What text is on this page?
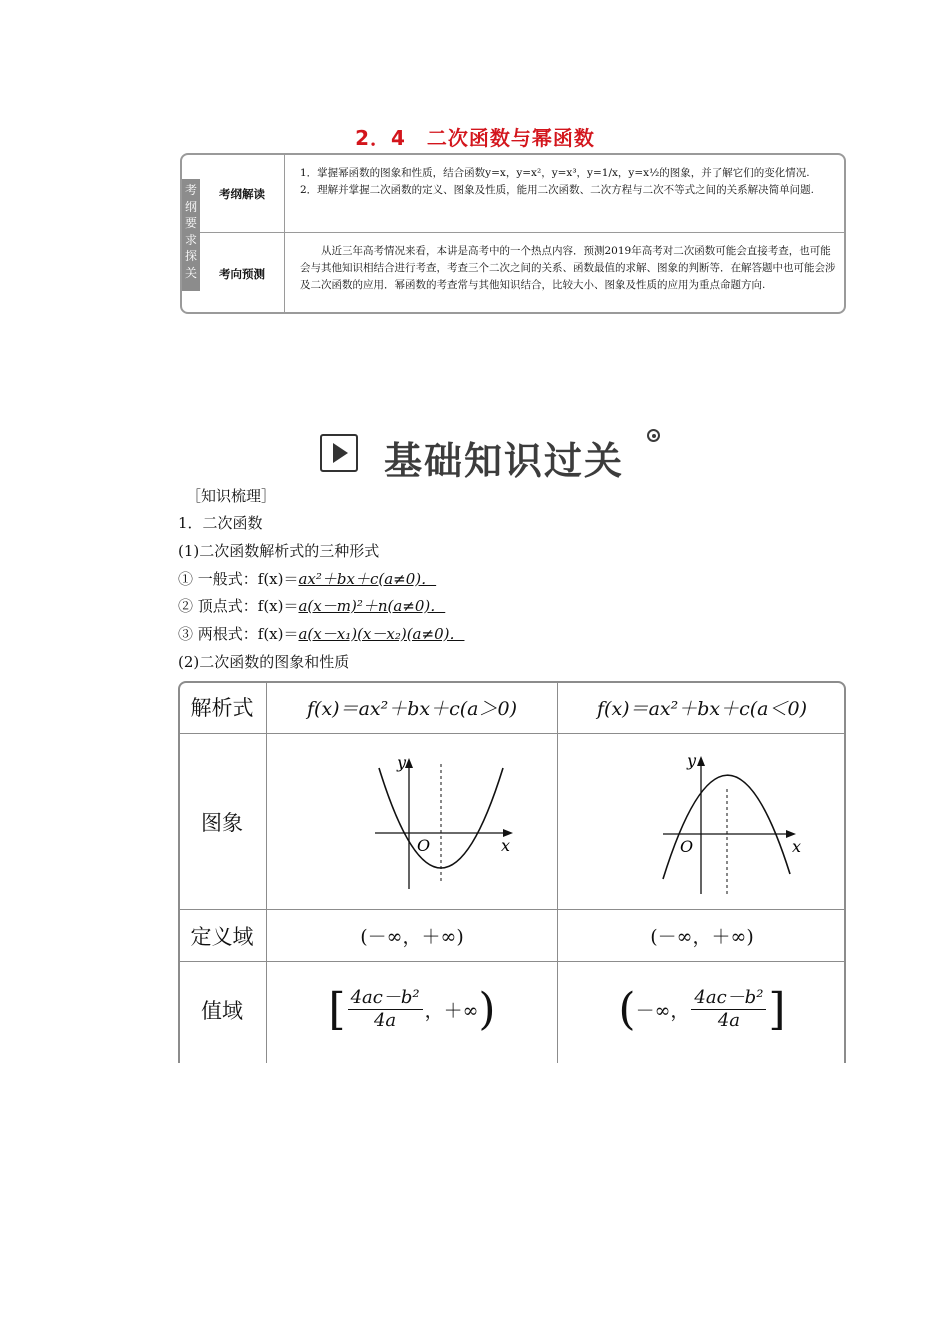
2．4　二次函数与幂函数
考
纲
要
求
探
关
考纲解读
1．掌握幂函数的图象和性质，结合函数y=x，y=x²，y=x³，y=1/x，y=x½的图象，并了解它们的变化情况.
2．理解并掌握二次函数的定义、图象及性质，能用二次函数、二次方程与二次不等式之间的关系解决简单问题.
考向预测
从近三年高考情况来看，本讲是高考中的一个热点内容．预测2019年高考对二次函数可能会直接考查，也可能会与其他知识相结合进行考查，考查三个二次之间的关系、函数最值的求解、图象的判断等．在解答题中也可能会涉及二次函数的应用．幂函数的考查常与其他知识结合，比较大小、图象及性质的应用为重点命题方向.
基础知识过关
［知识梳理］
1．二次函数
(1)二次函数解析式的三种形式
① 一般式：f(x)＝ax²＋bx＋c(a≠0)．
② 顶点式：f(x)＝a(x－m)²＋n(a≠0)．
③ 两根式：f(x)＝a(x－x₁)(x－x₂)(a≠0)．
(2)二次函数的图象和性质
解析式	f(x)＝ax²＋bx＋c(a＞0)	f(x)＝ax²＋bx＋c(a＜0)
图象
y
x
O
y
x
O
定义域	(－∞，＋∞)	(－∞，＋∞)
值域	[ $\frac{\text{4ac－b²}}{4a}$ ，＋∞ )	( －∞， $\frac{\text{4ac－b²}}{4a}$ ]
